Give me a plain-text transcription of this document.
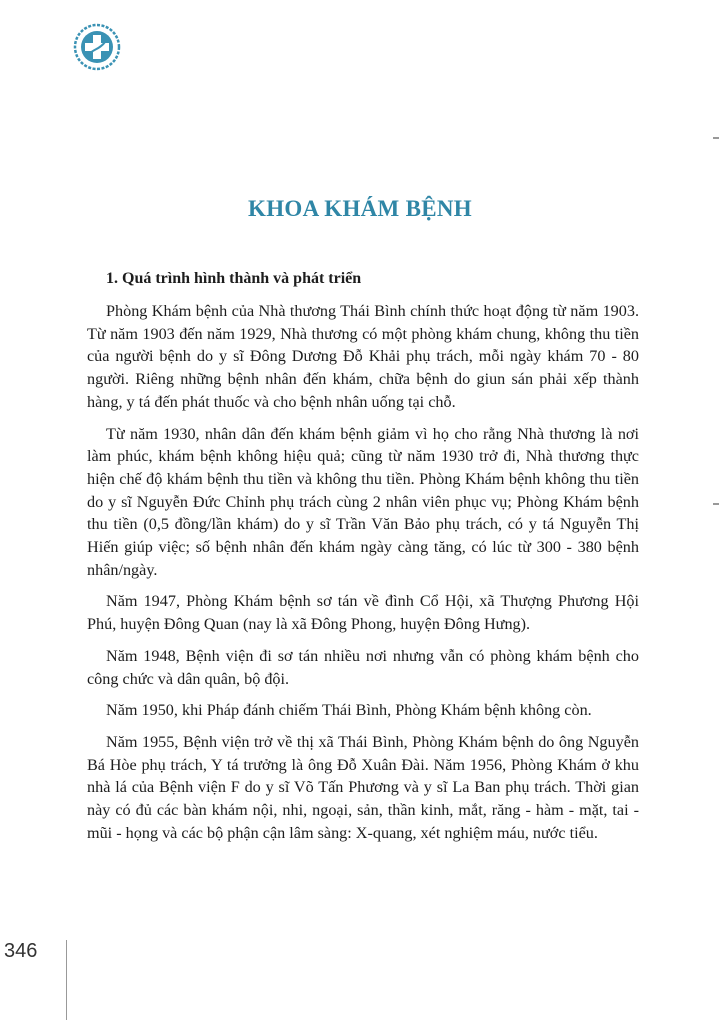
KHOA KHÁM BỆNH
1. Quá trình hình thành và phát triển

Phòng Khám bệnh của Nhà thương Thái Bình chính thức hoạt động từ năm 1903. Từ năm 1903 đến năm 1929, Nhà thương có một phòng khám chung, không thu tiền của người bệnh do y sĩ Đông Dương Đỗ Khải phụ trách, mỗi ngày khám 70 - 80 người. Riêng những bệnh nhân đến khám, chữa bệnh do giun sán phải xếp thành hàng, y tá đến phát thuốc và cho bệnh nhân uống tại chỗ.

Từ năm 1930, nhân dân đến khám bệnh giảm vì họ cho rằng Nhà thương là nơi làm phúc, khám bệnh không hiệu quả; cũng từ năm 1930 trở đi, Nhà thương thực hiện chế độ khám bệnh thu tiền và không thu tiền. Phòng Khám bệnh không thu tiền do y sĩ Nguyễn Đức Chỉnh phụ trách cùng 2 nhân viên phục vụ; Phòng Khám bệnh thu tiền (0,5 đồng/lần khám) do y sĩ Trần Văn Bảo phụ trách, có y tá Nguyễn Thị Hiến giúp việc; số bệnh nhân đến khám ngày càng tăng, có lúc từ 300 - 380 bệnh nhân/ngày.

Năm 1947, Phòng Khám bệnh sơ tán về đình Cổ Hội, xã Thượng Phương Hội Phú, huyện Đông Quan (nay là xã Đông Phong, huyện Đông Hưng).

Năm 1948, Bệnh viện đi sơ tán nhiều nơi nhưng vẫn có phòng khám bệnh cho công chức và dân quân, bộ đội.

Năm 1950, khi Pháp đánh chiếm Thái Bình, Phòng Khám bệnh không còn.

Năm 1955, Bệnh viện trở về thị xã Thái Bình, Phòng Khám bệnh do ông Nguyễn Bá Hòe phụ trách, Y tá trưởng là ông Đỗ Xuân Đài. Năm 1956, Phòng Khám ở khu nhà lá của Bệnh viện F do y sĩ Võ Tấn Phương và y sĩ La Ban phụ trách. Thời gian này có đủ các bàn khám nội, nhi, ngoại, sản, thần kinh, mắt, răng - hàm - mặt, tai - mũi - họng và các bộ phận cận lâm sàng: X-quang, xét nghiệm máu, nước tiểu.

346
